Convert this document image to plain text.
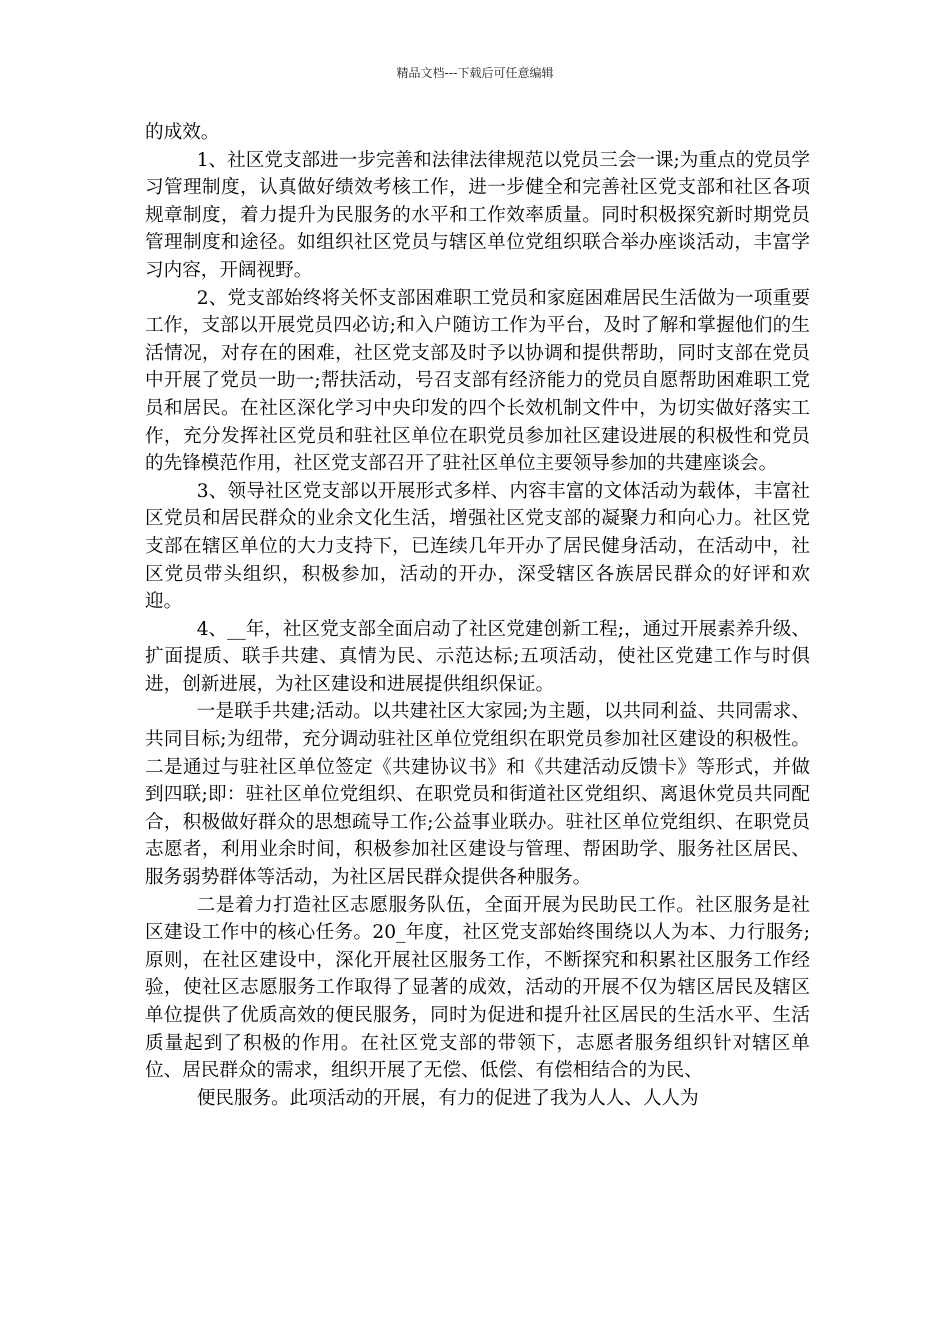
精品文档---下载后可任意编辑

的成效。

1、社区党支部进一步完善和法律法律规范以党员三会一课;为重点的党员学习管理制度，认真做好绩效考核工作，进一步健全和完善社区党支部和社区各项规章制度，着力提升为民服务的水平和工作效率质量。同时积极探究新时期党员管理制度和途径。如组织社区党员与辖区单位党组织联合举办座谈活动，丰富学习内容，开阔视野。

2、党支部始终将关怀支部困难职工党员和家庭困难居民生活做为一项重要工作，支部以开展党员四必访;和入户随访工作为平台，及时了解和掌握他们的生活情况，对存在的困难，社区党支部及时予以协调和提供帮助，同时支部在党员中开展了党员一助一;帮扶活动，号召支部有经济能力的党员自愿帮助困难职工党员和居民。在社区深化学习中央印发的四个长效机制文件中，为切实做好落实工作，充分发挥社区党员和驻社区单位在职党员参加社区建设进展的积极性和党员的先锋模范作用，社区党支部召开了驻社区单位主要领导参加的共建座谈会。

3、领导社区党支部以开展形式多样、内容丰富的文体活动为载体，丰富社区党员和居民群众的业余文化生活，增强社区党支部的凝聚力和向心力。社区党支部在辖区单位的大力支持下，已连续几年开办了居民健身活动，在活动中，社区党员带头组织，积极参加，活动的开办，深受辖区各族居民群众的好评和欢迎。

4、__年，社区党支部全面启动了社区党建创新工程;，通过开展素养升级、扩面提质、联手共建、真情为民、示范达标;五项活动，使社区党建工作与时俱进，创新进展，为社区建设和进展提供组织保证。

一是联手共建;活动。以共建社区大家园;为主题，以共同利益、共同需求、共同目标;为纽带，充分调动驻社区单位党组织在职党员参加社区建设的积极性。二是通过与驻社区单位签定《共建协议书》和《共建活动反馈卡》等形式，并做到四联;即：驻社区单位党组织、在职党员和街道社区党组织、离退休党员共同配合，积极做好群众的思想疏导工作;公益事业联办。驻社区单位党组织、在职党员志愿者，利用业余时间，积极参加社区建设与管理、帮困助学、服务社区居民、服务弱势群体等活动，为社区居民群众提供各种服务。

二是着力打造社区志愿服务队伍，全面开展为民助民工作。社区服务是社区建设工作中的核心任务。20_年度，社区党支部始终围绕以人为本、力行服务;原则，在社区建设中，深化开展社区服务工作，不断探究和积累社区服务工作经验，使社区志愿服务工作取得了显著的成效，活动的开展不仅为辖区居民及辖区单位提供了优质高效的便民服务，同时为促进和提升社区居民的生活水平、生活质量起到了积极的作用。在社区党支部的带领下，志愿者服务组织针对辖区单位、居民群众的需求，组织开展了无偿、低偿、有偿相结合的为民、

便民服务。此项活动的开展，有力的促进了我为人人、人人为
